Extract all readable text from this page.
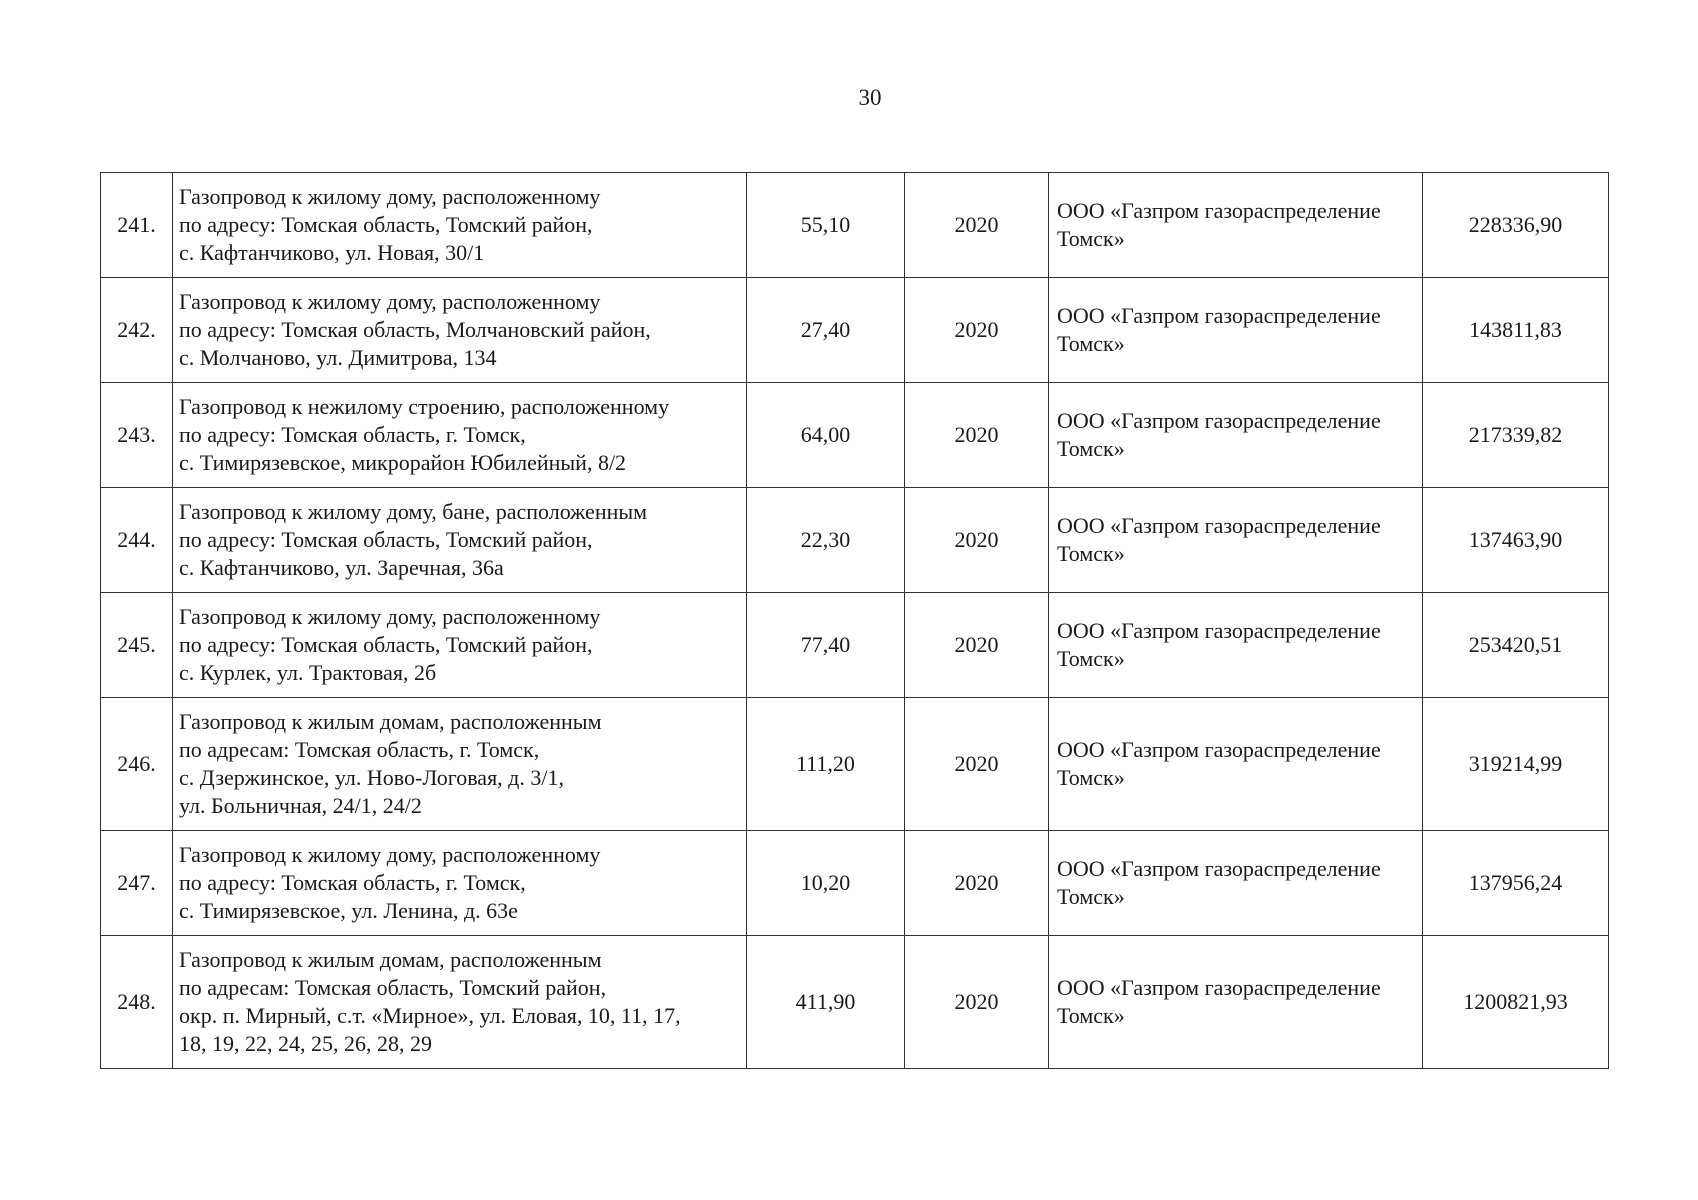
30
241.	Газопровод к жилому дому, расположенному
по адресу: Томская область, Томский район,
с. Кафтанчиково, ул. Новая, 30/1	55,10	2020	ООО «Газпром газораспределение
Томск»	228336,90
242.	Газопровод к жилому дому, расположенному
по адресу: Томская область, Молчановский район,
с. Молчаново, ул. Димитрова, 134	27,40	2020	ООО «Газпром газораспределение
Томск»	143811,83
243.	Газопровод к нежилому строению, расположенному
по адресу: Томская область, г. Томск,
с. Тимирязевское, микрорайон Юбилейный, 8/2	64,00	2020	ООО «Газпром газораспределение
Томск»	217339,82
244.	Газопровод к жилому дому, бане, расположенным
по адресу: Томская область, Томский район,
с. Кафтанчиково, ул. Заречная, 36а	22,30	2020	ООО «Газпром газораспределение
Томск»	137463,90
245.	Газопровод к жилому дому, расположенному
по адресу: Томская область, Томский район,
с. Курлек, ул. Трактовая, 2б	77,40	2020	ООО «Газпром газораспределение
Томск»	253420,51
246.	Газопровод к жилым домам, расположенным
по адресам: Томская область, г. Томск,
с. Дзержинское, ул. Ново-Логовая, д. 3/1,
ул. Больничная, 24/1, 24/2	111,20	2020	ООО «Газпром газораспределение
Томск»	319214,99
247.	Газопровод к жилому дому, расположенному
по адресу: Томская область, г. Томск,
с. Тимирязевское, ул. Ленина, д. 63е	10,20	2020	ООО «Газпром газораспределение
Томск»	137956,24
248.	Газопровод к жилым домам, расположенным
по адресам: Томская область, Томский район,
окр. п. Мирный, с.т. «Мирное», ул. Еловая, 10, 11, 17,
18, 19, 22, 24, 25, 26, 28, 29	411,90	2020	ООО «Газпром газораспределение
Томск»	1200821,93
